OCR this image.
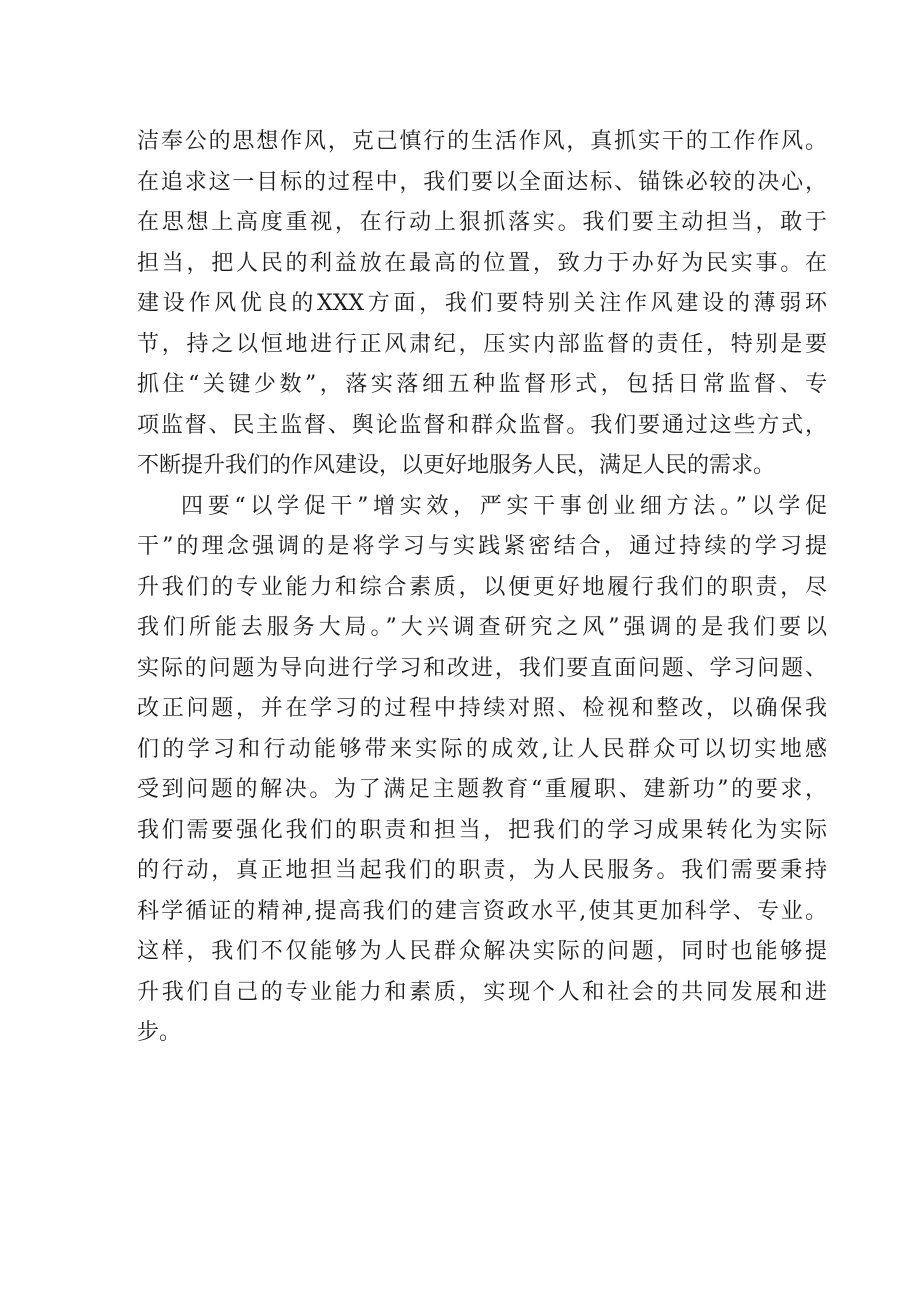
洁奉公的思想作风，克己慎行的生活作风，真抓实干的工作作风。
在追求这一目标的过程中，我们要以全面达标、锚铢必较的决心，
在思想上高度重视，在行动上狠抓落实。我们要主动担当，敢于
担当，把人民的利益放在最高的位置，致力于办好为民实事。在
建设作风优良的XXX方面，我们要特别关注作风建设的薄弱环
节，持之以恒地进行正风肃纪，压实内部监督的责任，特别是要
抓住“关键少数”，落实落细五种监督形式，包括日常监督、专
项监督、民主监督、舆论监督和群众监督。我们要通过这些方式，
不断提升我们的作风建设，以更好地服务人民，满足人民的需求。
四要“以学促干”增实效，严实干事创业细方法。”以学促
干”的理念强调的是将学习与实践紧密结合，通过持续的学习提
升我们的专业能力和综合素质，以便更好地履行我们的职责，尽
我们所能去服务大局。”大兴调查研究之风”强调的是我们要以
实际的问题为导向进行学习和改进，我们要直面问题、学习问题、
改正问题，并在学习的过程中持续对照、检视和整改，以确保我
们的学习和行动能够带来实际的成效,让人民群众可以切实地感
受到问题的解决。为了满足主题教育“重履职、建新功”的要求，
我们需要强化我们的职责和担当，把我们的学习成果转化为实际
的行动，真正地担当起我们的职责，为人民服务。我们需要秉持
科学循证的精神,提高我们的建言资政水平,使其更加科学、专业。
这样，我们不仅能够为人民群众解决实际的问题，同时也能够提
升我们自己的专业能力和素质，实现个人和社会的共同发展和进
步。
